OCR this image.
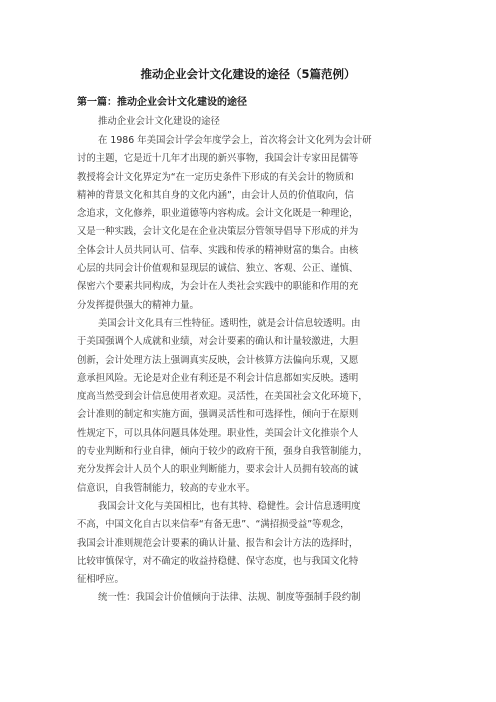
推动企业会计文化建设的途径（5篇范例）
第一篇：推动企业会计文化建设的途径
推动企业会计文化建设的途径
在 1986 年美国会计学会年度学会上，首次将会计文化列为会计研
讨的主题，它是近十几年才出现的新兴事物，我国会计专家田昆儒等
教授将会计文化界定为“在一定历史条件下形成的有关会计的物质和
精神的背景文化和其自身的文化内涵”，由会计人员的价值取向，信
念追求，文化修养，职业道德等内容构成。会计文化既是一种理论，
又是一种实践，会计文化是在企业决策层分管领导倡导下形成的并为
全体会计人员共同认可、信奉、实践和传承的精神财富的集合。由核
心层的共同会计价值观和显现层的诚信、独立、客观、公正、谨慎、
保密六个要素共同构成，为会计在人类社会实践中的职能和作用的充
分发挥提供强大的精神力量。
美国会计文化具有三性特征。透明性，就是会计信息较透明。由
于美国强调个人成就和业绩，对会计要素的确认和计量较激进，大胆
创新，会计处理方法上强调真实反映，会计核算方法偏向乐观，又愿
意承担风险。无论是对企业有利还是不利会计信息都如实反映。透明
度高当然受到会计信息使用者欢迎。灵活性，在美国社会文化环境下，
会计准则的制定和实施方面，强调灵活性和可选择性，倾向于在原则
性规定下，可以具体问题具体处理。职业性，美国会计文化推崇个人
的专业判断和行业自律，倾向于较少的政府干预，强身自我管制能力，
充分发挥会计人员个人的职业判断能力，要求会计人员拥有较高的诚
信意识，自我管制能力，较高的专业水平。
我国会计文化与美国相比，也有其特、稳健性。会计信息透明度
不高，中国文化自古以来信奉“有备无患”、“满招损受益”等观念，
我国会计准则规范会计要素的确认计量、报告和会计方法的选择时，
比较审慎保守，对不确定的收益持稳健、保守态度，也与我国文化特
征相呼应。
统一性：我国会计价值倾向于法律、法规、制度等强制手段约制
